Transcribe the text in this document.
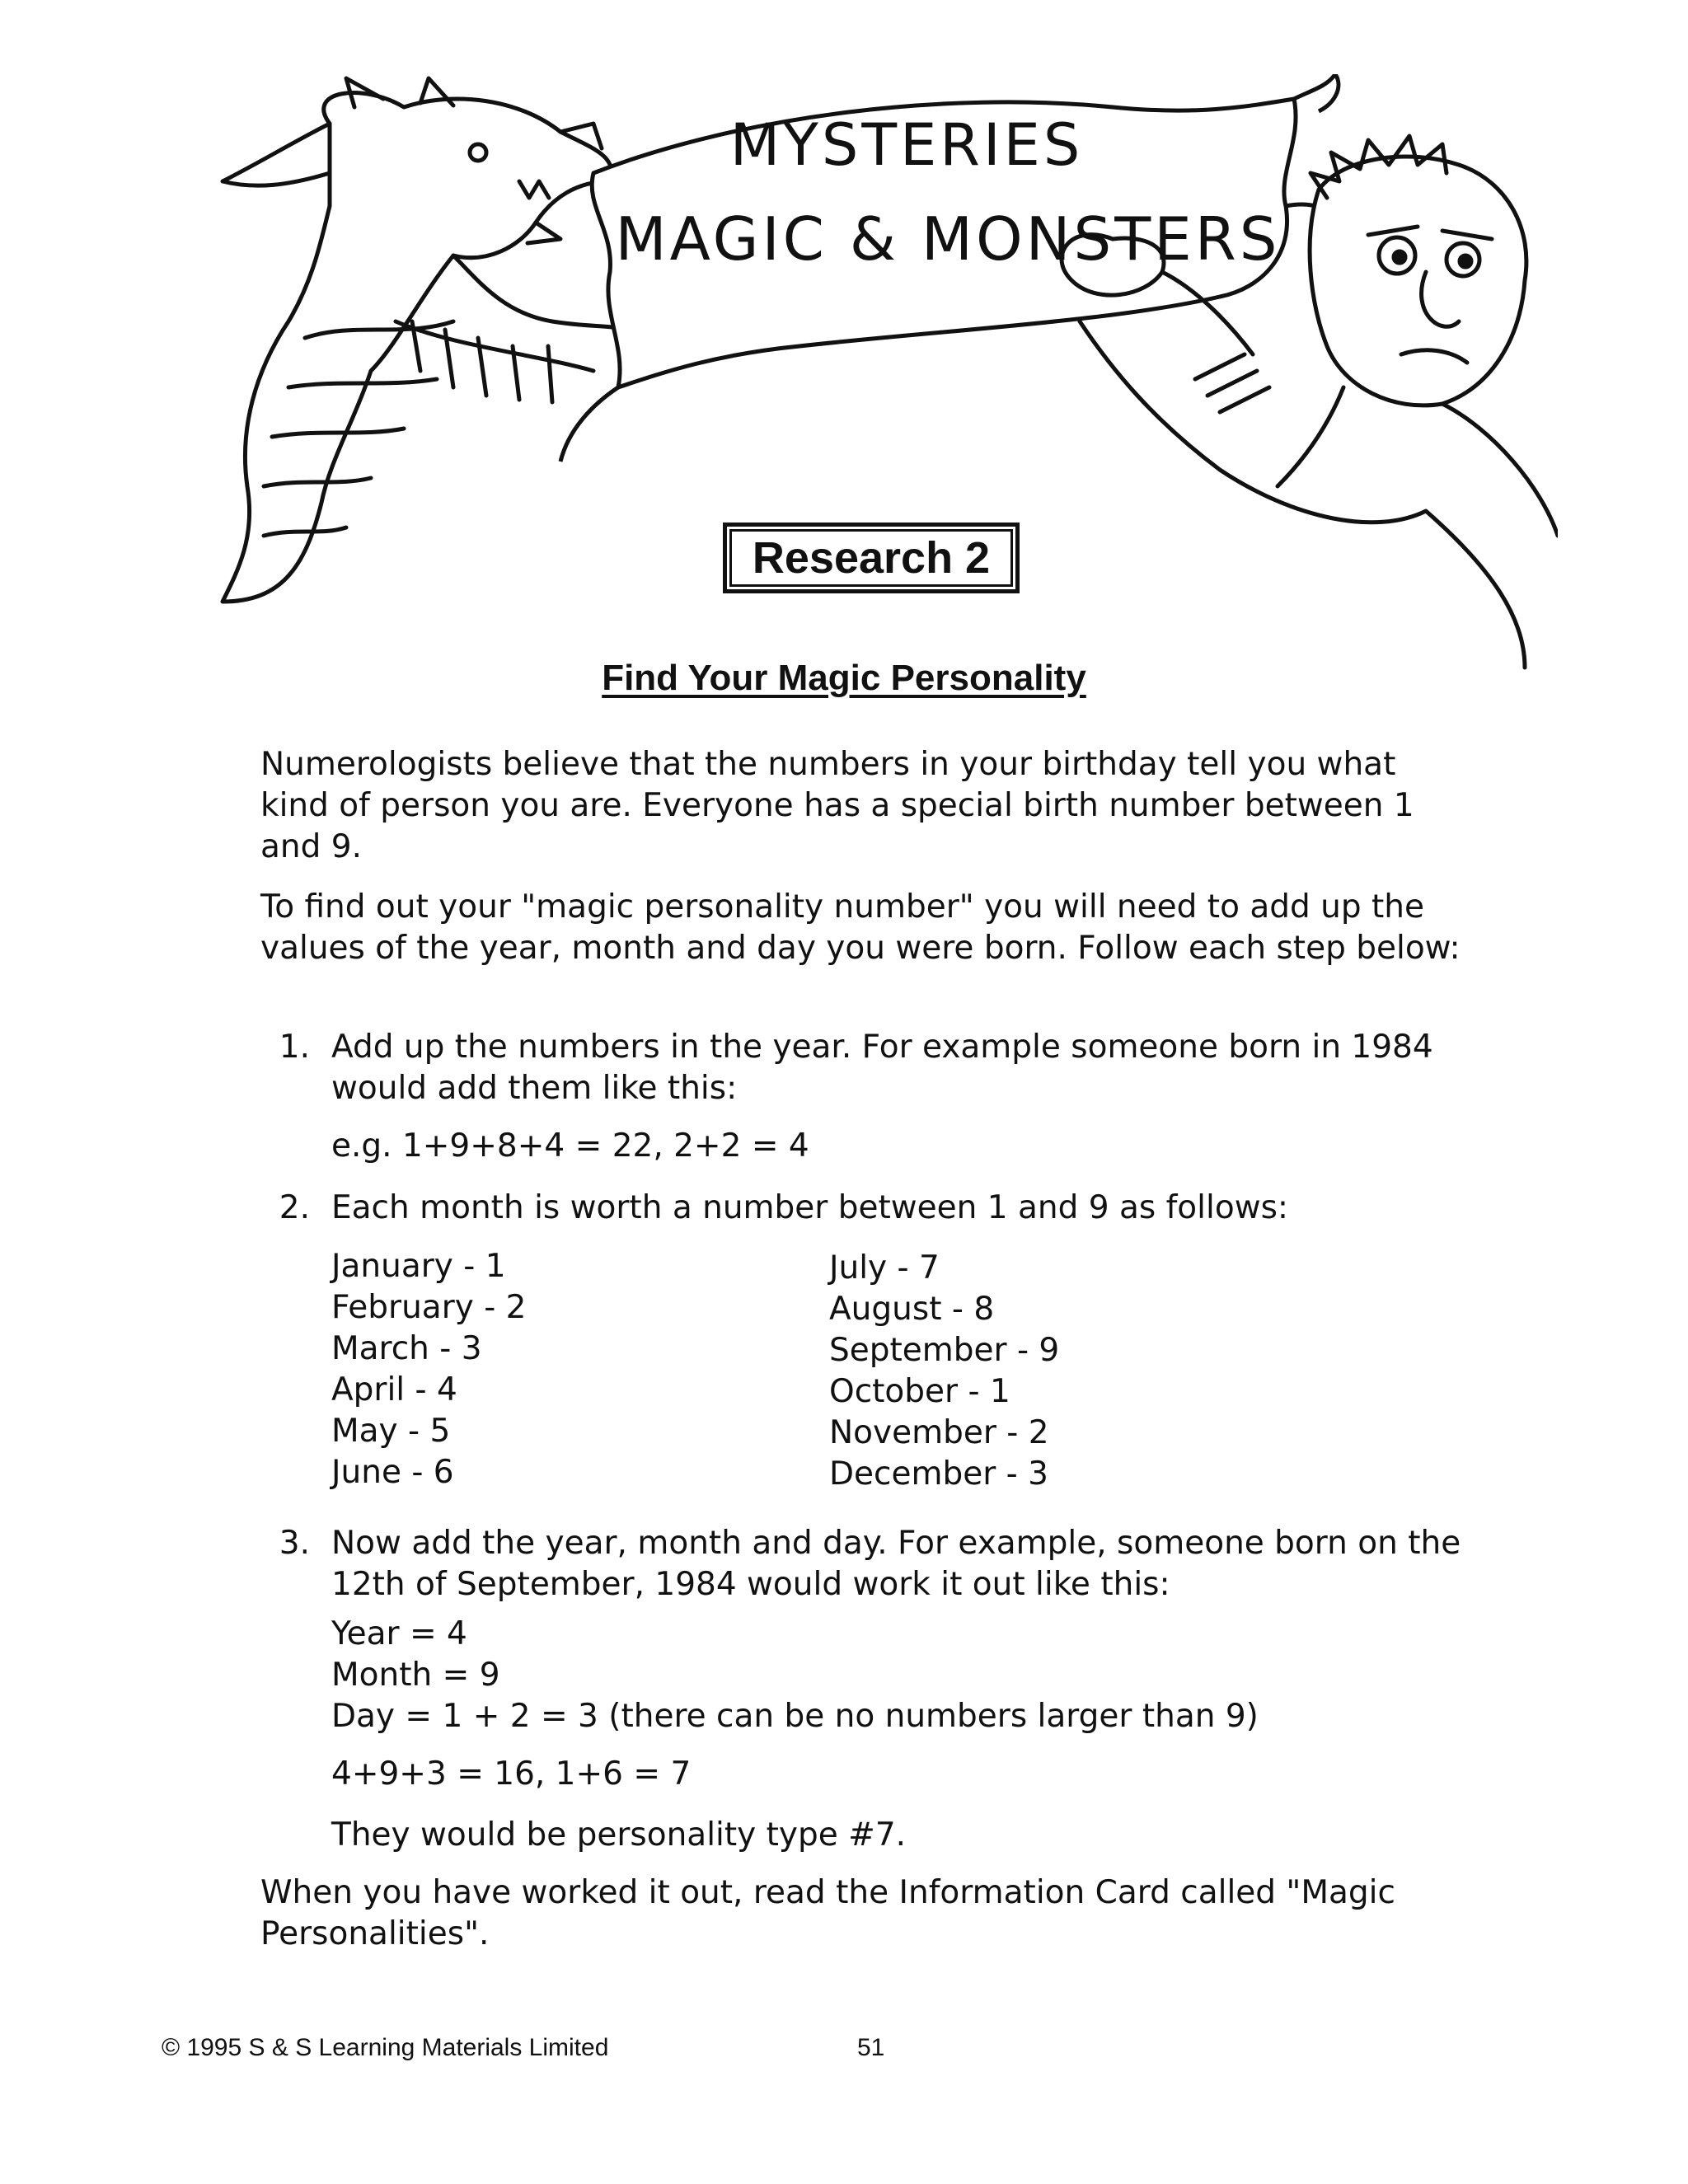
MYSTERIES
MAGIC & MONSTERS
Research 2
Find Your Magic Personality
Numerologists believe that the numbers in your birthday tell you what kind of person you are. Everyone has a special birth number between 1 and 9.
To find out your "magic personality number" you will need to add up the values of the year, month and day you were born. Follow each step below:
1. Add up the numbers in the year. For example someone born in 1984 would add them like this:
e.g. 1+9+8+4 = 22, 2+2 = 4
2. Each month is worth a number between 1 and 9 as follows:
January - 1
February - 2
March - 3
April - 4
May - 5
June - 6
July - 7
August - 8
September - 9
October - 1
November - 2
December - 3
3. Now add the year, month and day. For example, someone born on the 12th of September, 1984 would work it out like this:
Year = 4
Month = 9
Day = 1 + 2 = 3 (there can be no numbers larger than 9)
4+9+3 = 16, 1+6 = 7
They would be personality type #7.
When you have worked it out, read the Information Card called "Magic Personalities".
© 1995 S & S Learning Materials Limited	51
